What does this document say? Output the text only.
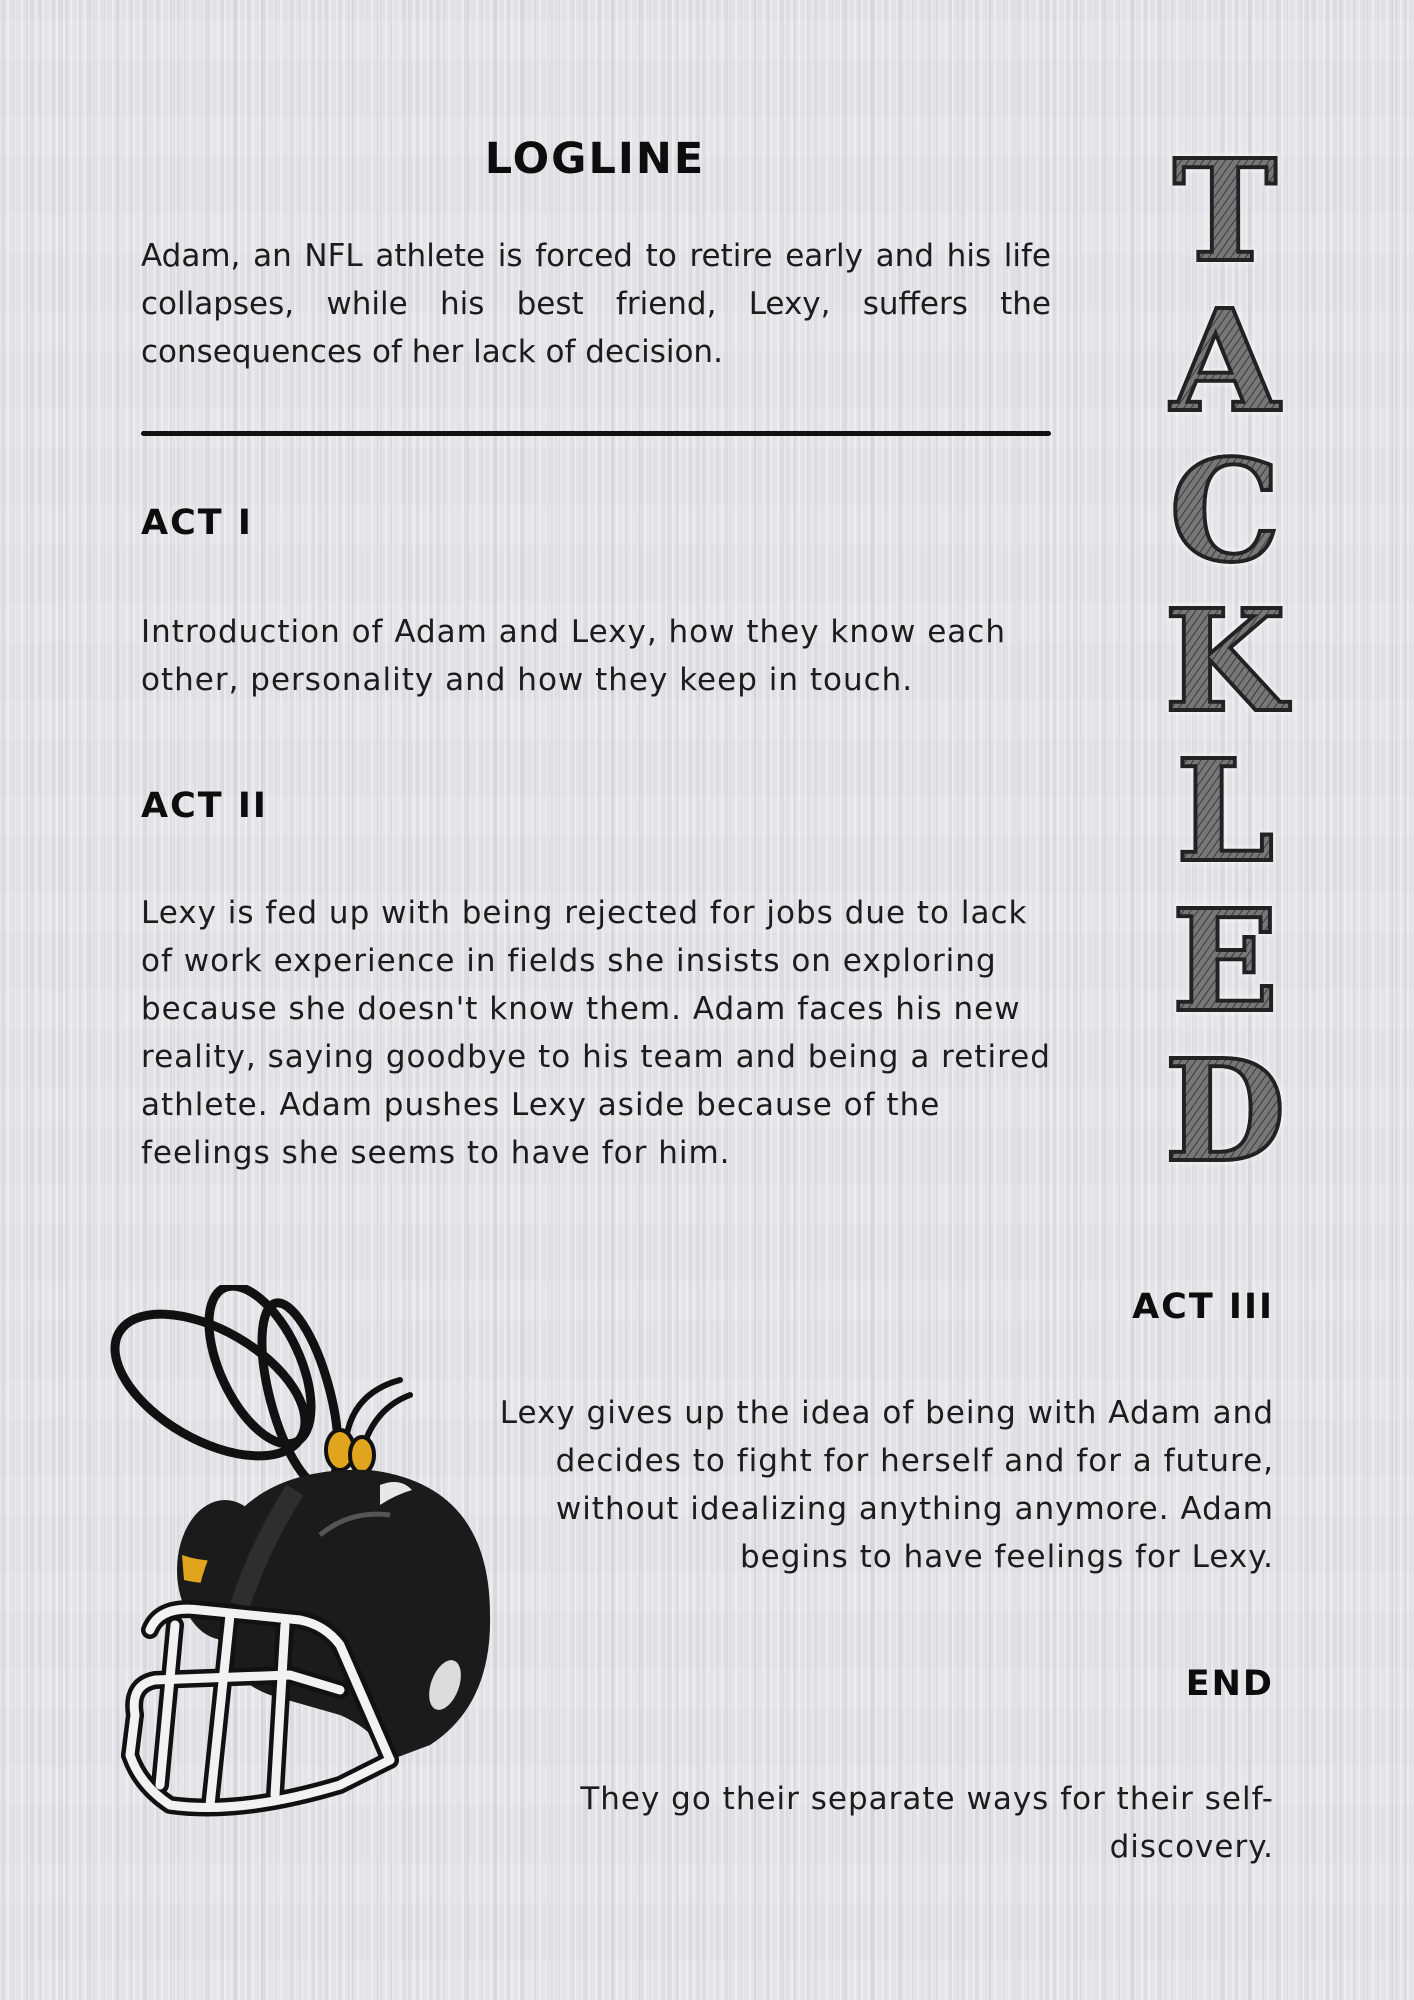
LOGLINE

Adam, an NFL athlete is forced to retire early and his life collapses, while his best friend, Lexy, suffers the consequences of her lack of decision.

ACT I

Introduction of Adam and Lexy, how they know each other, personality and how they keep in touch.

ACT II

Lexy is fed up with being rejected for jobs due to lack of work experience in fields she insists on exploring because she doesn't know them. Adam faces his new reality, saying goodbye to his team and being a retired athlete. Adam pushes Lexy aside because of the feelings she seems to have for him.

ACT III

Lexy gives up the idea of being with Adam and decides to fight for herself and for a future, without idealizing anything anymore. Adam begins to have feelings for Lexy.

END

They go their separate ways for their self-discovery.

T
A
C
K
L
E
D
